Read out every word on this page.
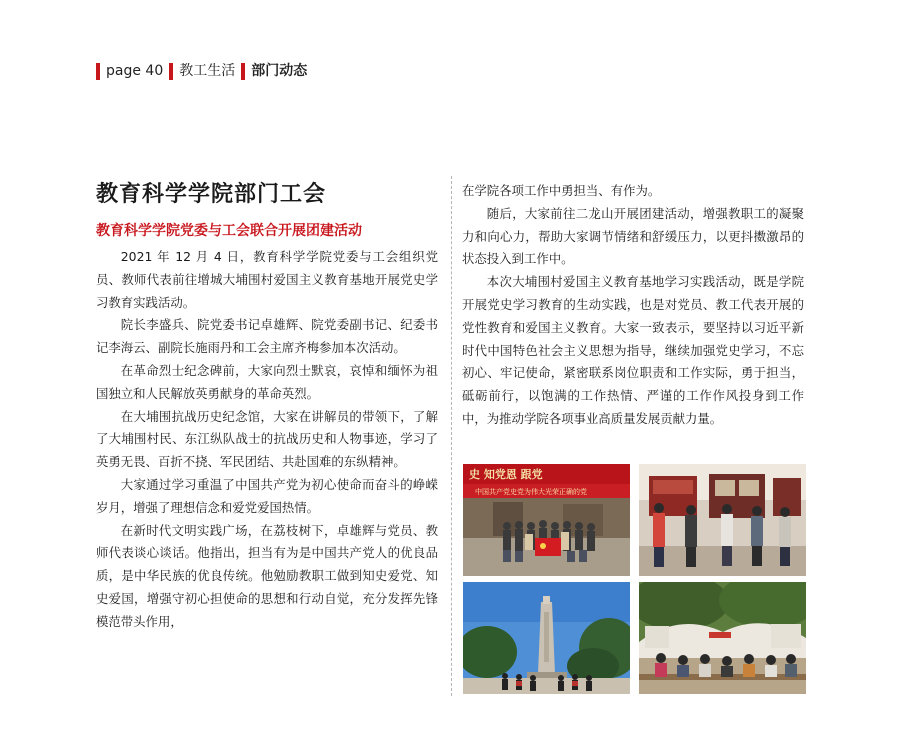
page 40 教工生活 部门动态
教育科学学院部门工会
教育科学学院党委与工会联合开展团建活动

2021 年 12 月 4 日，教育科学学院党委与工会组织党员、教师代表前往增城大埔围村爱国主义教育基地开展党史学习教育实践活动。

院长李盛兵、院党委书记卓雄辉、院党委副书记、纪委书记李海云、副院长施雨丹和工会主席齐梅参加本次活动。

在革命烈士纪念碑前，大家向烈士默哀，哀悼和缅怀为祖国独立和人民解放英勇献身的革命英烈。

在大埔围抗战历史纪念馆，大家在讲解员的带领下，了解了大埔围村民、东江纵队战士的抗战历史和人物事迹，学习了英勇无畏、百折不挠、军民团结、共赴国难的东纵精神。

大家通过学习重温了中国共产党为初心使命而奋斗的峥嵘岁月，增强了理想信念和爱党爱国热情。

在新时代文明实践广场，在荔枝树下，卓雄辉与党员、教师代表谈心谈话。他指出，担当有为是中国共产党人的优良品质，是中华民族的优良传统。他勉励教职工做到知史爱党、知史爱国，增强守初心担使命的思想和行动自觉，充分发挥先锋模范带头作用，

在学院各项工作中勇担当、有作为。

随后，大家前往二龙山开展团建活动，增强教职工的凝聚力和向心力，帮助大家调节情绪和舒缓压力，以更抖擞激昂的状态投入到工作中。

本次大埔围村爱国主义教育基地学习实践活动，既是学院开展党史学习教育的生动实践，也是对党员、教工代表开展的党性教育和爱国主义教育。大家一致表示，要坚持以习近平新时代中国特色社会主义思想为指导，继续加强党史学习，不忘初心、牢记使命，紧密联系岗位职责和工作实际，勇于担当，砥砺前行，以饱满的工作热情、严谨的工作作风投身到工作中，为推动学院各项事业高质量发展贡献力量。

史 知党恩 跟党
中国共产党史党为伟大光荣正确的党
